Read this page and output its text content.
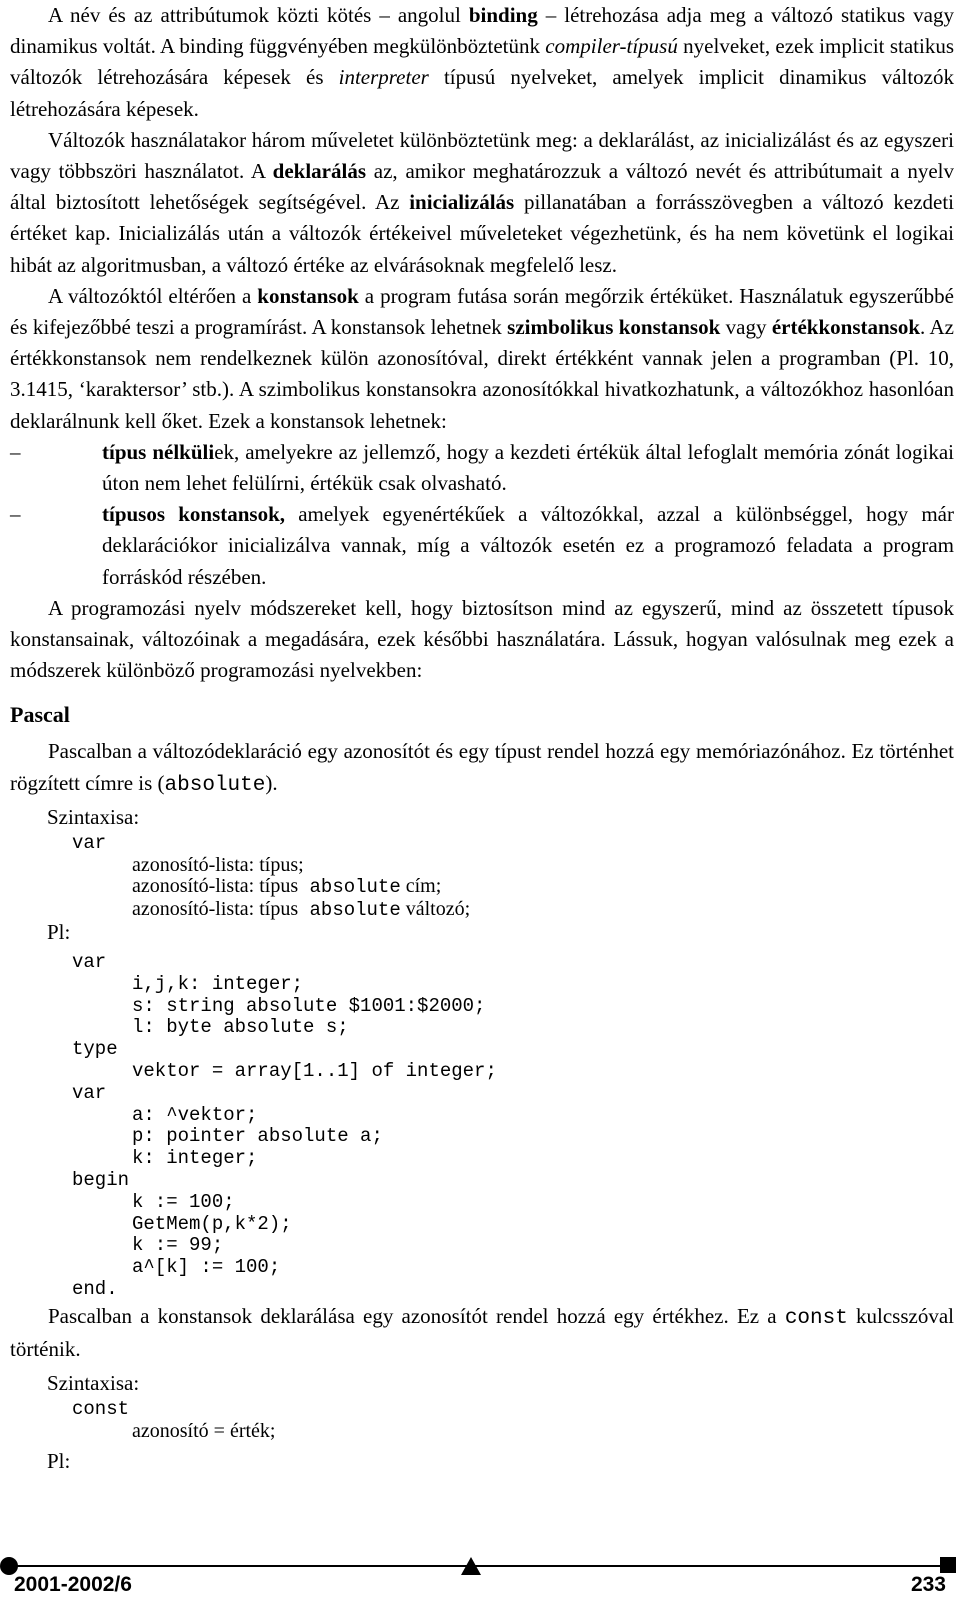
A név és az attribútumok közti kötés – angolul binding – létrehozása adja meg a változó statikus vagy dinamikus voltát. A binding függvényében megkülönböztetünk compiler-típusú nyelveket, ezek implicit statikus változók létrehozására képesek és interpreter típusú nyelveket, amelyek implicit dinamikus változók létrehozására képesek.

Változók használatakor három műveletet különböztetünk meg: a deklarálást, az inicializálást és az egyszeri vagy többszöri használatot. A deklarálás az, amikor meghatározzuk a változó nevét és attribútumait a nyelv által biztosított lehetőségek segítségével. Az inicializálás pillanatában a forrásszövegben a változó kezdeti értéket kap. Inicializálás után a változók értékeivel műveleteket végezhetünk, és ha nem követünk el logikai hibát az algoritmusban, a változó értéke az elvárásoknak megfelelő lesz.

A változóktól eltérően a konstansok a program futása során megőrzik értéküket. Használatuk egyszerűbbé és kifejezőbbé teszi a programírást. A konstansok lehetnek szimbolikus konstansok vagy értékkonstansok. Az értékkonstansok nem rendelkeznek külön azonosítóval, direkt értékként vannak jelen a programban (Pl. 10, 3.1415, ‘karaktersor’ stb.). A szimbolikus konstansokra azonosítókkal hivatkozhatunk, a változókhoz hasonlóan deklarálnunk kell őket. Ezek a konstansok lehetnek:

–	típus nélküliek, amelyekre az jellemző, hogy a kezdeti értékük által lefoglalt memória zónát logikai úton nem lehet felülírni, értékük csak olvasható.
–	típusos konstansok, amelyek egyenértékűek a változókkal, azzal a különbséggel, hogy már deklarációkor inicializálva vannak, míg a változók esetén ez a programozó feladata a program forráskód részében.

A programozási nyelv módszereket kell, hogy biztosítson mind az egyszerű, mind az összetett típusok konstansainak, változóinak a megadására, ezek későbbi használatára. Lássuk, hogyan valósulnak meg ezek a módszerek különböző programozási nyelvekben:

Pascal

Pascalban a változódeklaráció egy azonosítót és egy típust rendel hozzá egy memóriazónához. Ez történhet rögzített címre is (absolute).

Szintaxisa:
var
azonosító-lista: típus;
azonosító-lista: típus absolute cím;
azonosító-lista: típus absolute változó;
Pl:
var
i,j,k: integer;
s: string absolute $1001:$2000;
l: byte absolute s;
type
vektor = array[1..1] of integer;
var
a: ^vektor;
p: pointer absolute a;
k: integer;
begin
k := 100;
GetMem(p,k*2);
k := 99;
a^[k] := 100;
end.

Pascalban a konstansok deklarálása egy azonosítót rendel hozzá egy értékhez. Ez a const kulcsszóval történik.

Szintaxisa:
const
azonosító = érték;
Pl:
2001-2002/6	233
